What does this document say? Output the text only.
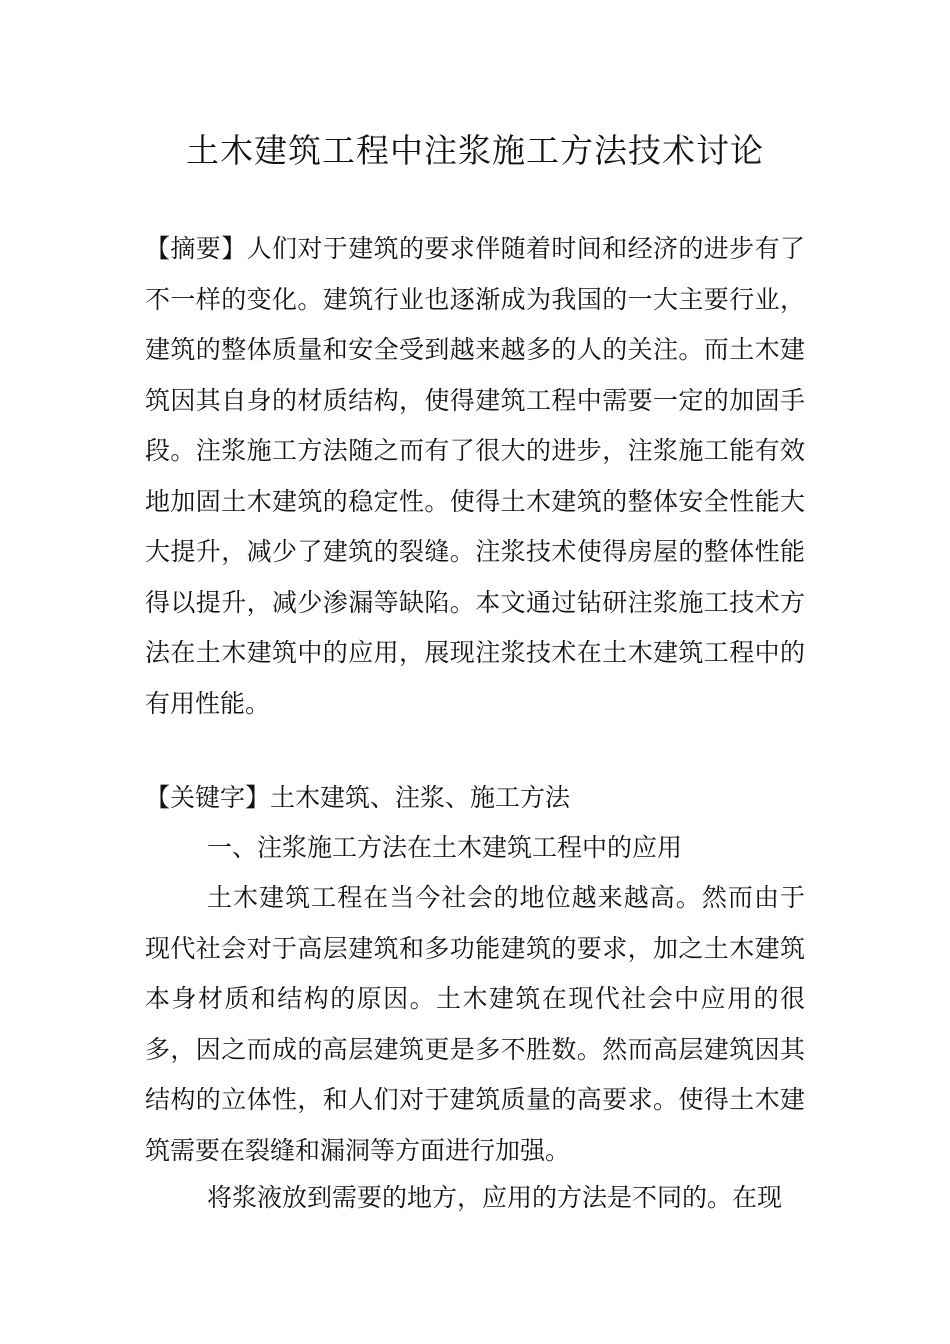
土木建筑工程中注浆施工方法技术讨论

【摘要】人们对于建筑的要求伴随着时间和经济的进步有了不一样的变化。建筑行业也逐渐成为我国的一大主要行业，建筑的整体质量和安全受到越来越多的人的关注。而土木建筑因其自身的材质结构，使得建筑工程中需要一定的加固手段。注浆施工方法随之而有了很大的进步，注浆施工能有效地加固土木建筑的稳定性。使得土木建筑的整体安全性能大大提升，减少了建筑的裂缝。注浆技术使得房屋的整体性能得以提升，减少渗漏等缺陷。本文通过钻研注浆施工技术方法在土木建筑中的应用，展现注浆技术在土木建筑工程中的有用性能。

【关键字】土木建筑、注浆、施工方法

一、注浆施工方法在土木建筑工程中的应用

土木建筑工程在当今社会的地位越来越高。然而由于现代社会对于高层建筑和多功能建筑的要求，加之土木建筑本身材质和结构的原因。土木建筑在现代社会中应用的很多，因之而成的高层建筑更是多不胜数。然而高层建筑因其结构的立体性，和人们对于建筑质量的高要求。使得土木建筑需要在裂缝和漏洞等方面进行加强。

将浆液放到需要的地方，应用的方法是不同的。在现
